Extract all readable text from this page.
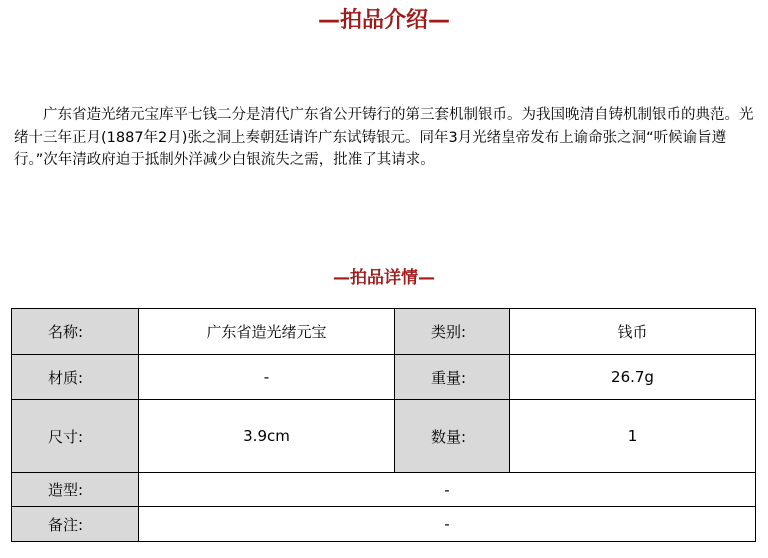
—拍品介绍—

广东省造光绪元宝库平七钱二分是清代广东省公开铸行的第三套机制银币。为我国晚清自铸机制银币的典范。光绪十三年正月(1887年2月)张之洞上奏朝廷请许广东试铸银元。同年3月光绪皇帝发布上谕命张之洞“听候谕旨遵行。”次年清政府迫于抵制外洋减少白银流失之需，批准了其请求。

—拍品详情—
名称:	广东省造光绪元宝	类别:	钱币
材质:	-	重量:	26.7g
尺寸:	3.9cm	数量:	1
造型:	-		
备注:	-		
